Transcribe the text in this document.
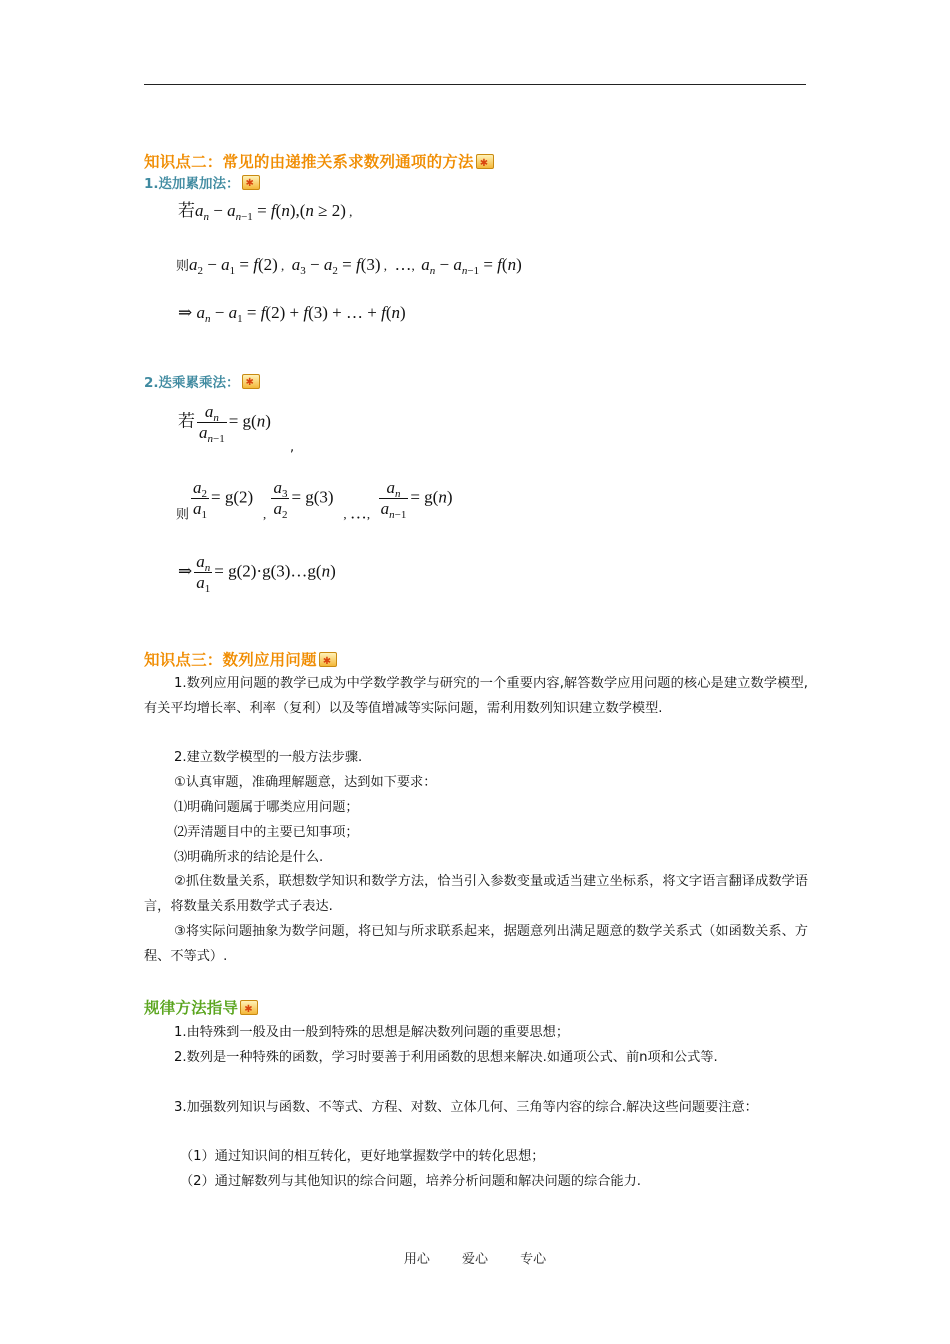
知识点二：常见的由递推关系求数列通项的方法✱
1.迭加累加法：✱
若$a_n - a_{n-1} = f(n),(n \ge 2)$ ,
则$a_2 - a_1 = f(2)$ ,  $a_3 - a_2 = f(3)$ ,  …,  $a_n - a_{n-1} = f(n)$
⇒ $a_n - a_1 = f(2) + f(3)$ + … + f(n)
2.迭乘累乘法：✱
若 $\frac{a_n}{a_{n-1}} = g(n)$
,
$_则 \frac{a_2}{a_1} = g(2)$   $_, \frac{a_3}{a_2} = g(3)$   $_,$ $\dots_, \frac{a_n}{a_{n-1}} = g(n)$
⇒ $\frac{a_n}{a_1}$ = g(2)·g(3)…g(n)
知识点三：数列应用问题✱
1.数列应用问题的教学已成为中学数学教学与研究的一个重要内容,解答数学应用问题的核心是建立数学模型,有关平均增长率、利率（复利）以及等值增减等实际问题，需利用数列知识建立数学模型.
2.建立数学模型的一般方法步骤.
①认真审题，准确理解题意，达到如下要求：
⑴明确问题属于哪类应用问题；
⑵弄清题目中的主要已知事项；
⑶明确所求的结论是什么.
②抓住数量关系，联想数学知识和数学方法，恰当引入参数变量或适当建立坐标系，将文字语言翻译成数学语言，将数量关系用数学式子表达.
③将实际问题抽象为数学问题，将已知与所求联系起来，据题意列出满足题意的数学关系式（如函数关系、方程、不等式）.
规律方法指导✱
1.由特殊到一般及由一般到特殊的思想是解决数列问题的重要思想；
2.数列是一种特殊的函数，学习时要善于利用函数的思想来解决.如通项公式、前n项和公式等.
3.加强数列知识与函数、不等式、方程、对数、立体几何、三角等内容的综合.解决这些问题要注意：
（1）通过知识间的相互转化，更好地掌握数学中的转化思想；
（2）通过解数列与其他知识的综合问题，培养分析问题和解决问题的综合能力.
用心 爱心 专心
